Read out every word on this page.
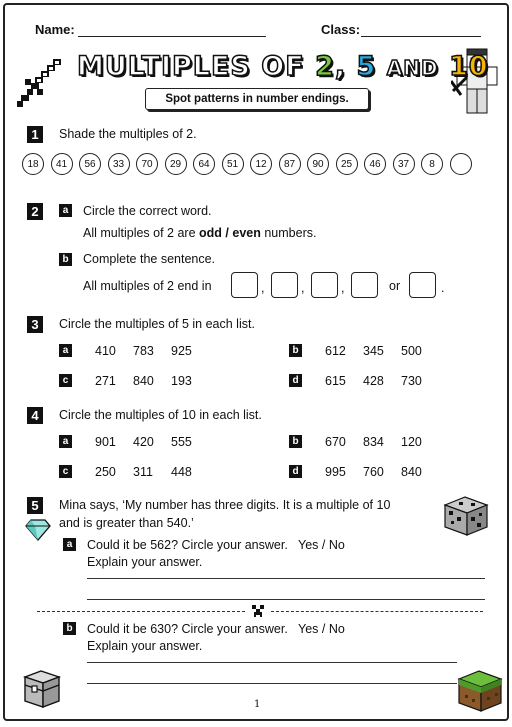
Name:	Class:
MULTIPLES OF 2, 5 AND 10
Spot patterns in number endings.
1	Shade the multiples of 2.
18	41	56	33	70	29	64	51	12	87	90	25	46	37	8
2	a Circle the correct word.
All multiples of 2 are odd / even numbers.
b Complete the sentence.
All multiples of 2 end in	,	,	,	or	.
3	Circle the multiples of 5 in each list.
a 410	783	925	b 612	345	500
c 271	840	193	d 615	428	730
4	Circle the multiples of 10 in each list.
a 901	420	555	b 670	834	120
c 250	311	448	d 995	760	840
5	Mina says, ‘My number has three digits. It is a multiple of 10
and is greater than 540.’
a Could it be 562? Circle your answer. Yes / No
Explain your answer.
b Could it be 630? Circle your answer. Yes / No
Explain your answer.
1
